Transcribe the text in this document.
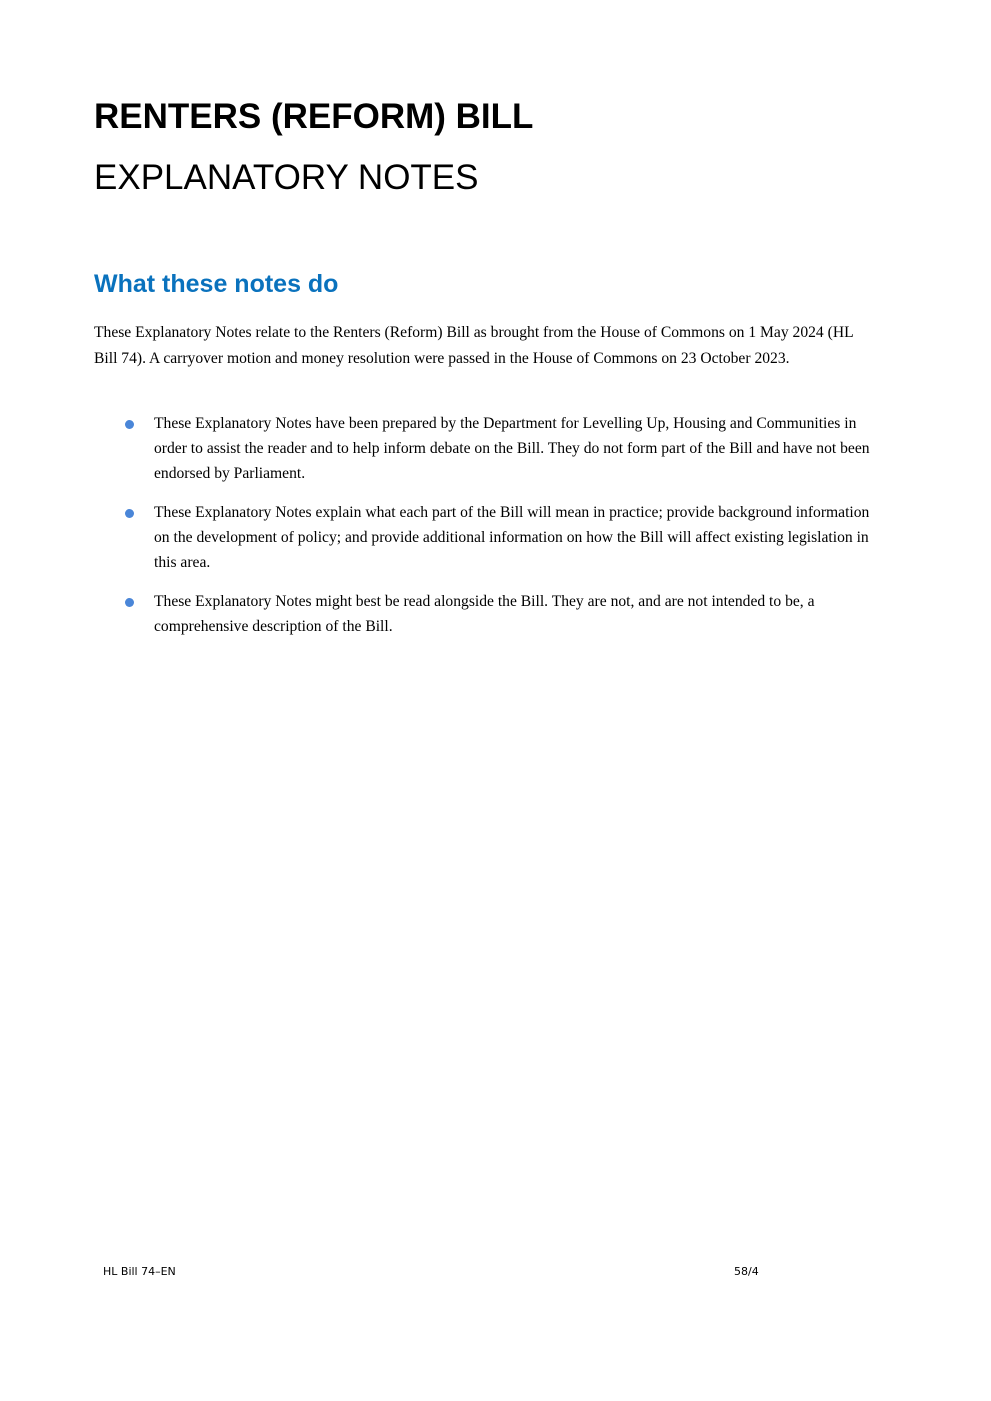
RENTERS (REFORM) BILL
EXPLANATORY NOTES
What these notes do

These Explanatory Notes relate to the Renters (Reform) Bill as brought from the House of Commons on 1 May 2024 (HL Bill 74). A carryover motion and money resolution were passed in the House of Commons on 23 October 2023.

These Explanatory Notes have been prepared by the Department for Levelling Up, Housing and Communities in order to assist the reader and to help inform debate on the Bill. They do not form part of the Bill and have not been endorsed by Parliament.
These Explanatory Notes explain what each part of the Bill will mean in practice; provide background information on the development of policy; and provide additional information on how the Bill will affect existing legislation in this area.
These Explanatory Notes might best be read alongside the Bill. They are not, and are not intended to be, a comprehensive description of the Bill.
HL Bill 74–EN	58/4
